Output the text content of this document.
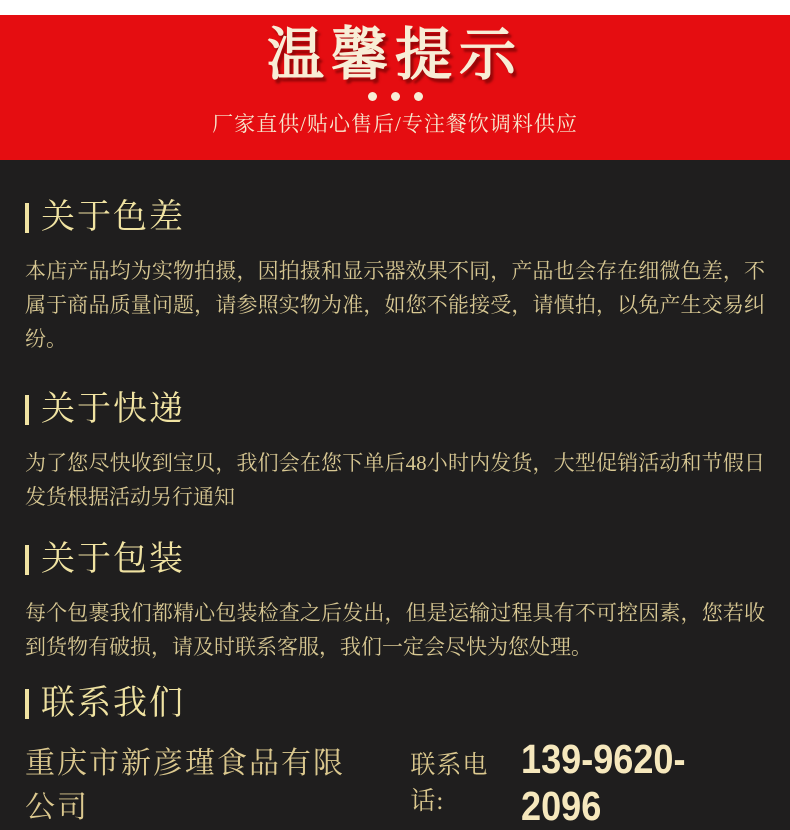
温馨提示
厂家直供/贴心售后/专注餐饮调料供应
关于色差

本店产品均为实物拍摄，因拍摄和显示器效果不同，产品也会存在细微色差，不属于商品质量问题，请参照实物为准，如您不能接受，请慎拍，以免产生交易纠纷。

关于快递

为了您尽快收到宝贝，我们会在您下单后48小时内发货，大型促销活动和节假日发货根据活动另行通知

关于包装

每个包裹我们都精心包装检查之后发出，但是运输过程具有不可控因素，您若收到货物有破损，请及时联系客服，我们一定会尽快为您处理。

联系我们
重庆市新彦瑾食品有限公司
联系电话:
139-9620-2096
